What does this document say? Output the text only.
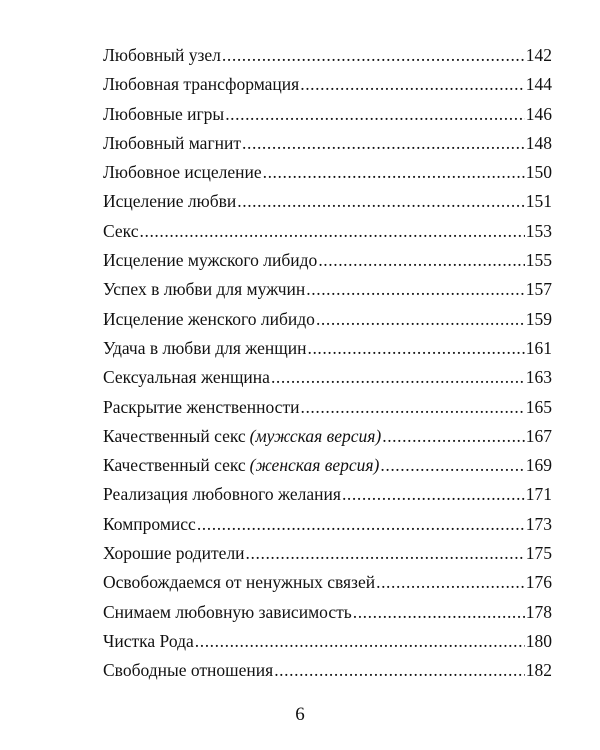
Любовный узел .....	142
Любовная трансформация .....	144
Любовные игры .....	146
Любовный магнит .....	148
Любовное исцеление .....	150
Исцеление любви .....	151
Секс .....	153
Исцеление мужского либидо .....	155
Успех в любви для мужчин .....	157
Исцеление женского либидо .....	159
Удача в любви для женщин .....	161
Сексуальная женщина .....	163
Раскрытие женственности .....	165
Качественный секс (мужская версия) .....	167
Качественный секс (женская версия) .....	169
Реализация любовного желания .....	171
Компромисс .....	173
Хорошие родители .....	175
Освобождаемся от ненужных связей .....	176
Снимаем любовную зависимость .....	178
Чистка Рода .....	180
Свободные отношения .....	182
6
